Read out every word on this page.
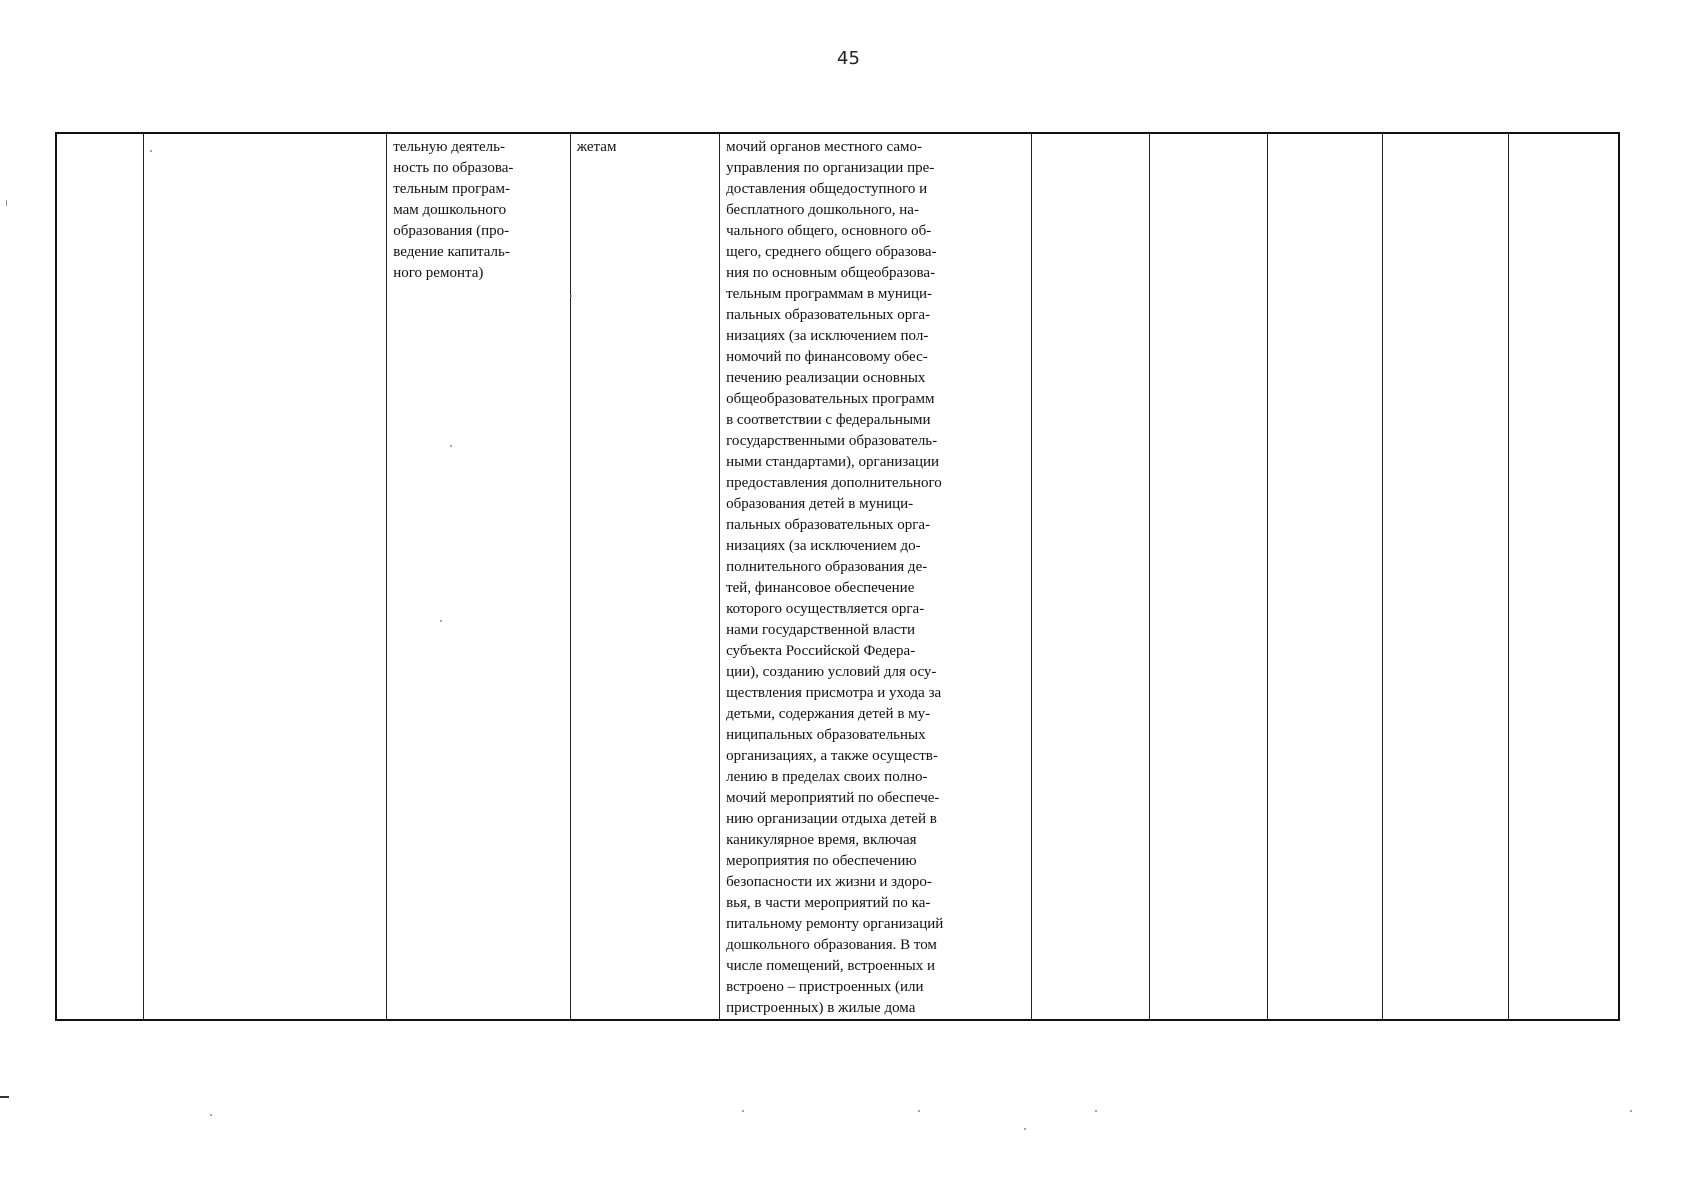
45
		тельную деятель-
ность по образова-
тельным програм-
мам дошкольного
образования (про-
ведение капиталь-
ного ремонта)	жетам	мочий органов местного само-
управления по организации пре-
доставления общедоступного и
бесплатного дошкольного, на-
чального общего, основного об-
щего, среднего общего образова-
ния по основным общеобразова-
тельным программам в муници-
пальных образовательных орга-
низациях (за исключением пол-
номочий по финансовому обес-
печению реализации основных
общеобразовательных программ
в соответствии с федеральными
государственными образователь-
ными стандартами), организации
предоставления дополнительного
образования детей в муници-
пальных образовательных орга-
низациях (за исключением до-
полнительного образования де-
тей, финансовое обеспечение
которого осуществляется орга-
нами государственной власти
субъекта Российской Федера-
ции), созданию условий для осу-
ществления присмотра и ухода за
детьми, содержания детей в му-
ниципальных образовательных
организациях, а также осуществ-
лению в пределах своих полно-
мочий мероприятий по обеспече-
нию организации отдыха детей в
каникулярное время, включая
мероприятия по обеспечению
безопасности их жизни и здоро-
вья, в части мероприятий по ка-
питальному ремонту организаций
дошкольного образования. В том
числе помещений, встроенных и
встроено – пристроенных (или
пристроенных) в жилые дома					
